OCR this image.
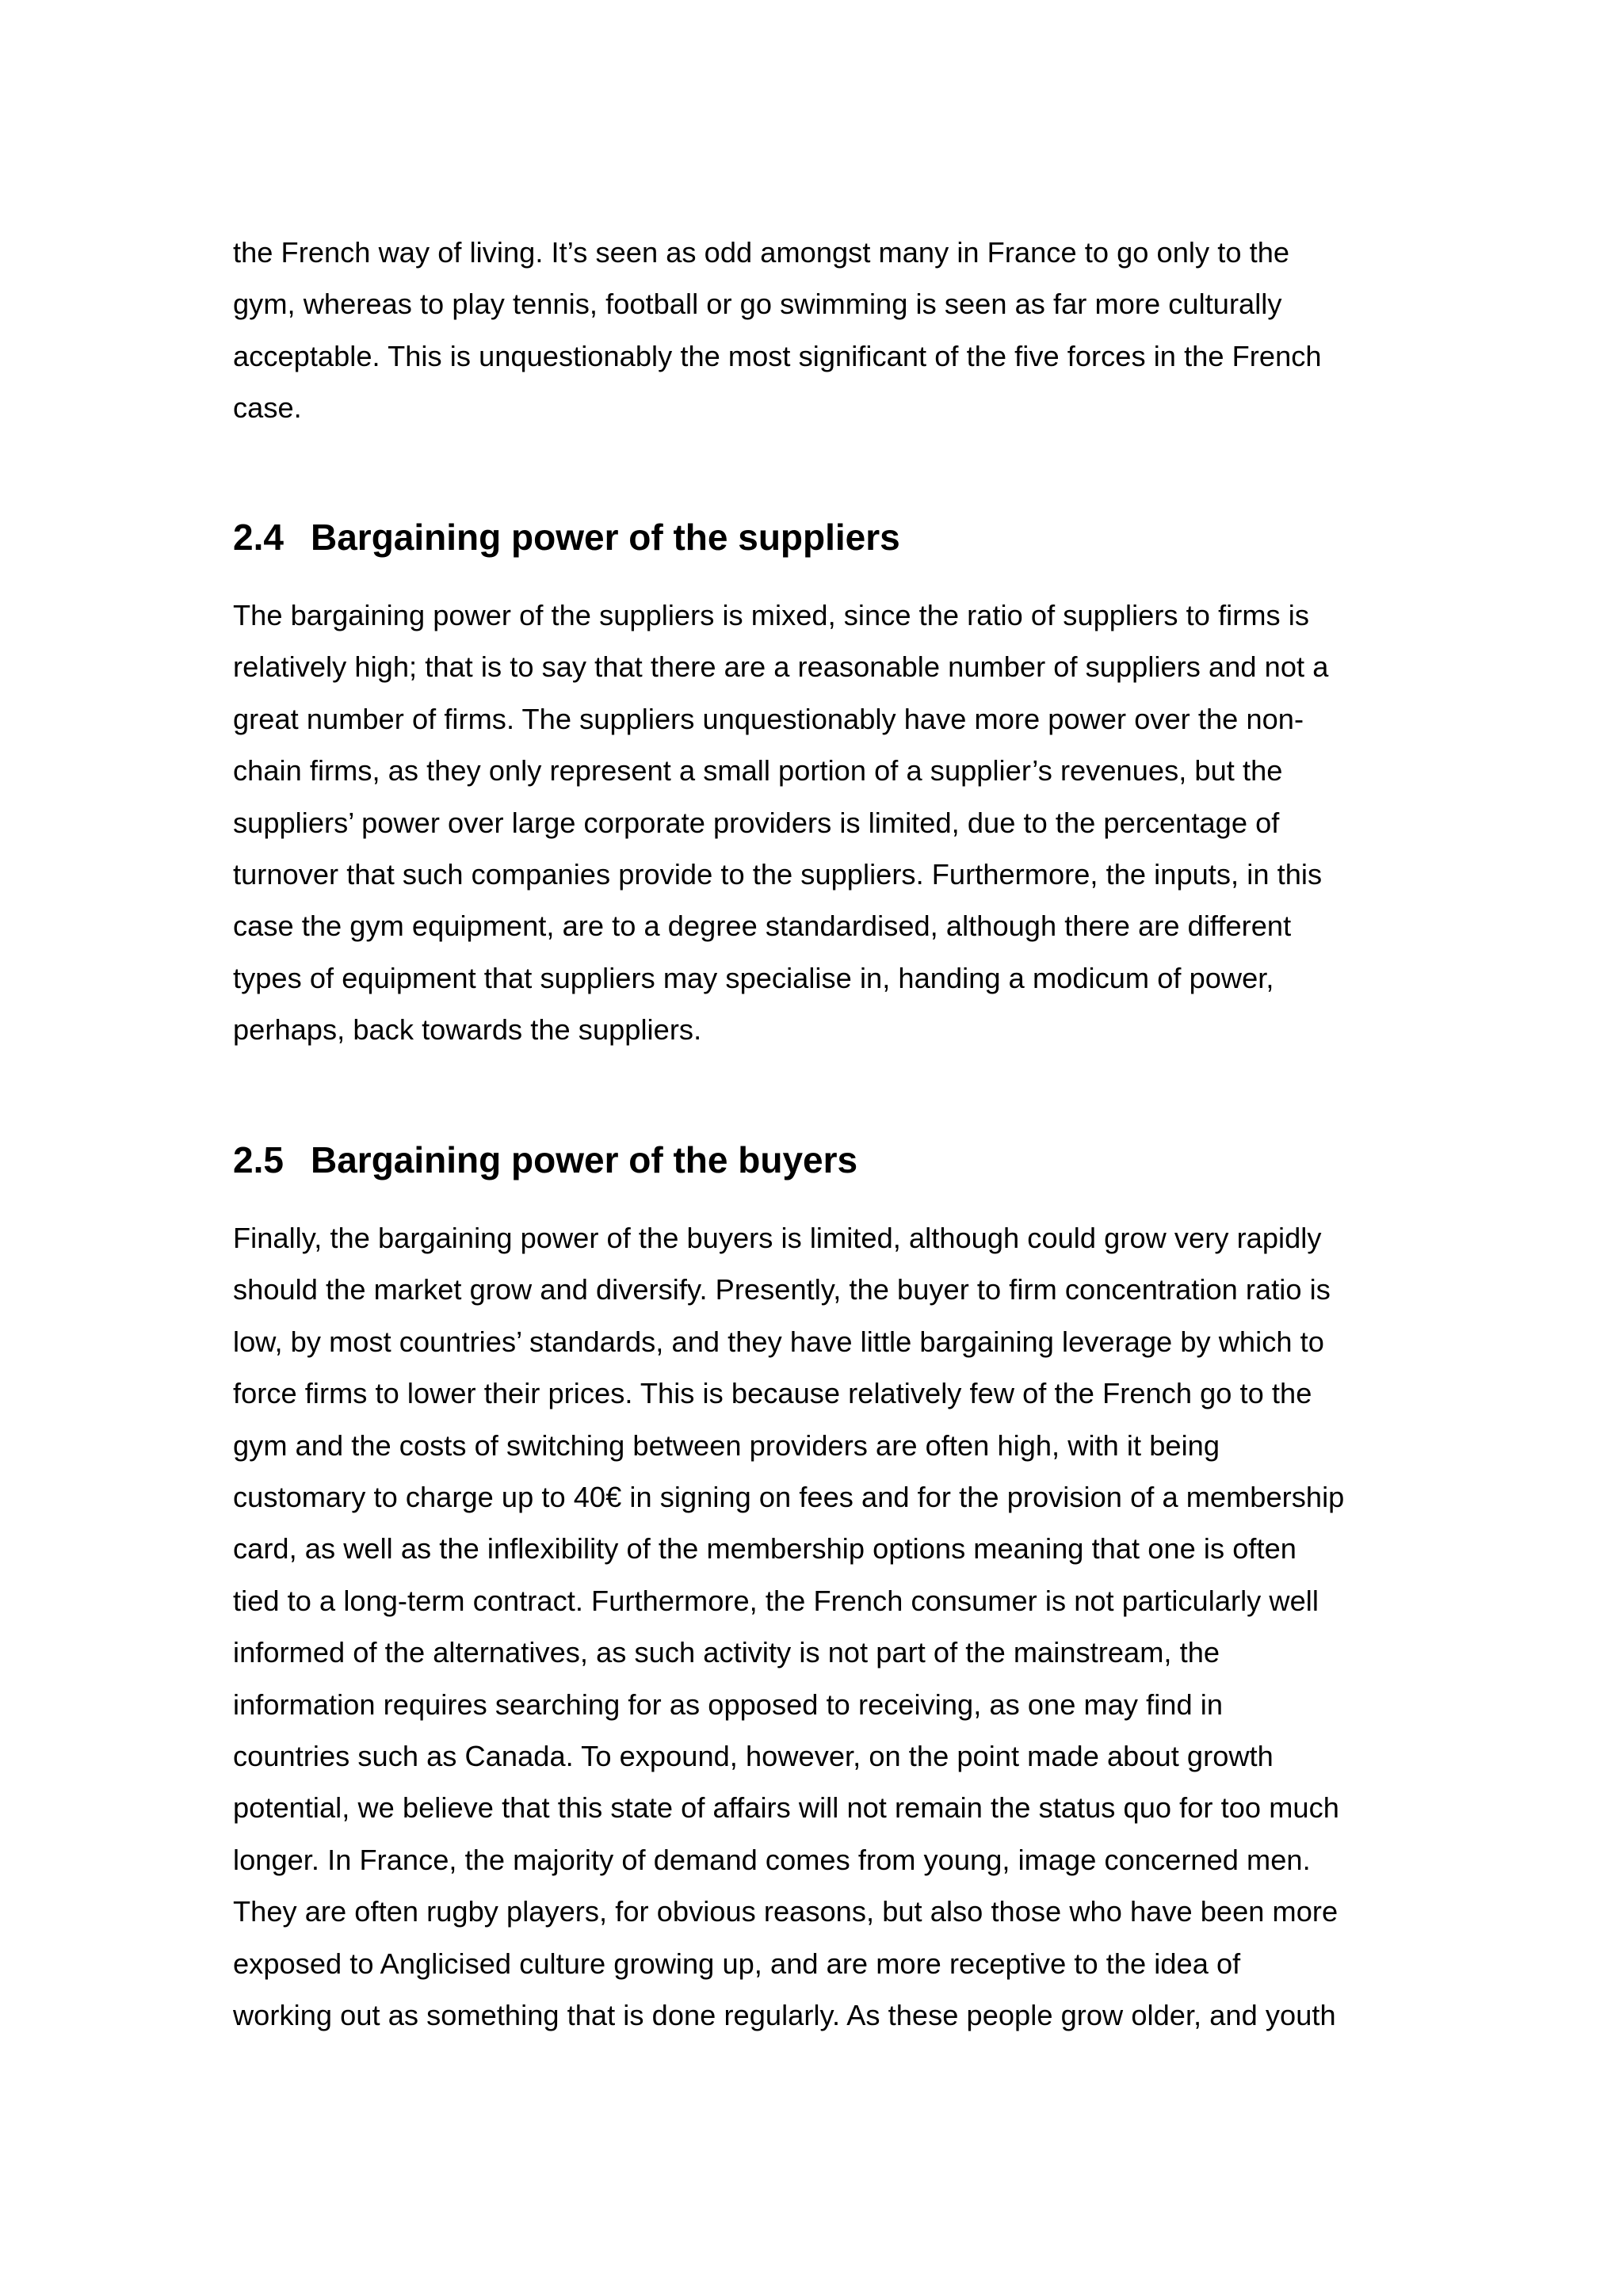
the French way of living. It’s seen as odd amongst many in France to go only to the
gym, whereas to play tennis, football or go swimming is seen as far more culturally
acceptable. This is unquestionably the most significant of the five forces in the French
case.

2.4 Bargaining power of the suppliers

The bargaining power of the suppliers is mixed, since the ratio of suppliers to firms is
relatively high; that is to say that there are a reasonable number of suppliers and not a
great number of firms. The suppliers unquestionably have more power over the non-
chain firms, as they only represent a small portion of a supplier’s revenues, but the
suppliers’ power over large corporate providers is limited, due to the percentage of
turnover that such companies provide to the suppliers. Furthermore, the inputs, in this
case the gym equipment, are to a degree standardised, although there are different
types of equipment that suppliers may specialise in, handing a modicum of power,
perhaps, back towards the suppliers.

2.5 Bargaining power of the buyers

Finally, the bargaining power of the buyers is limited, although could grow very rapidly
should the market grow and diversify. Presently, the buyer to firm concentration ratio is
low, by most countries’ standards, and they have little bargaining leverage by which to
force firms to lower their prices. This is because relatively few of the French go to the
gym and the costs of switching between providers are often high, with it being
customary to charge up to 40€ in signing on fees and for the provision of a membership
card, as well as the inflexibility of the membership options meaning that one is often
tied to a long-term contract. Furthermore, the French consumer is not particularly well
informed of the alternatives, as such activity is not part of the mainstream, the
information requires searching for as opposed to receiving, as one may find in
countries such as Canada. To expound, however, on the point made about growth
potential, we believe that this state of affairs will not remain the status quo for too much
longer. In France, the majority of demand comes from young, image concerned men.
They are often rugby players, for obvious reasons, but also those who have been more
exposed to Anglicised culture growing up, and are more receptive to the idea of
working out as something that is done regularly. As these people grow older, and youth
